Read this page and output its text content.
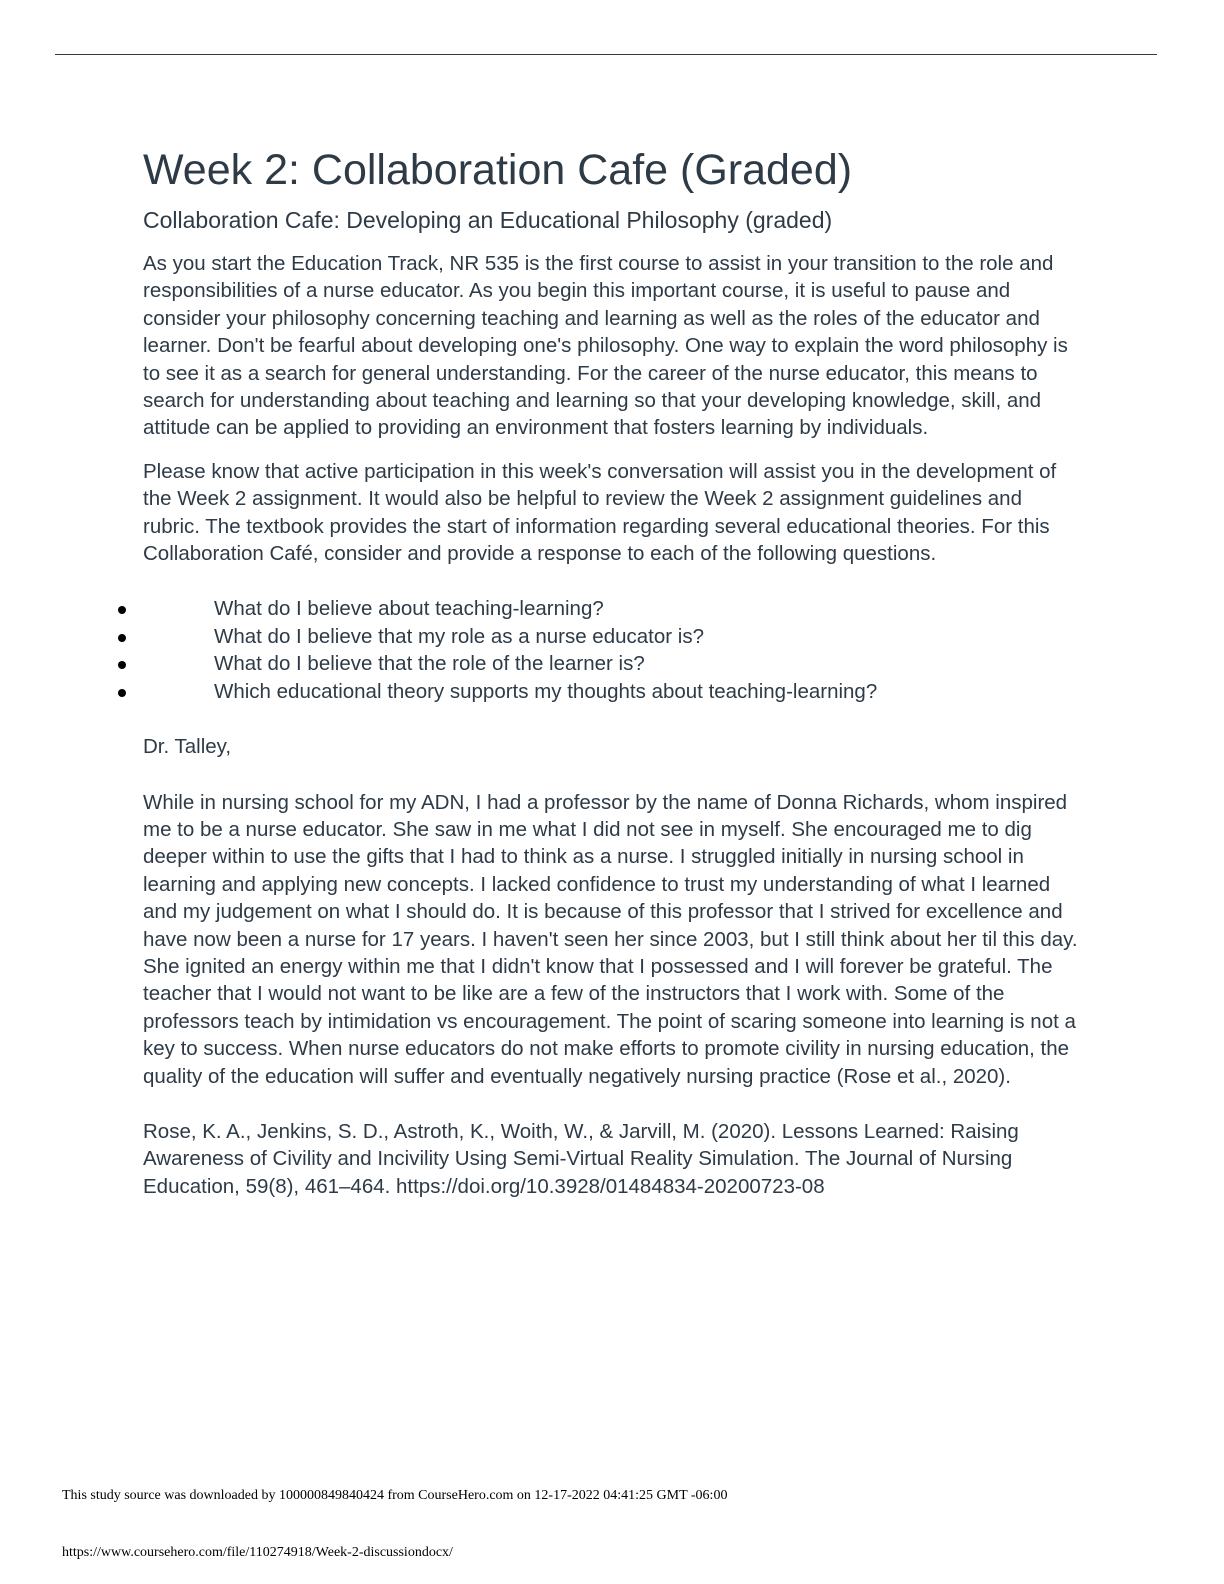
Week 2: Collaboration Cafe (Graded)
Collaboration Cafe: Developing an Educational Philosophy (graded)

As you start the Education Track, NR 535 is the first course to assist in your transition to the role and responsibilities of a nurse educator. As you begin this important course, it is useful to pause and consider your philosophy concerning teaching and learning as well as the roles of the educator and learner. Don't be fearful about developing one's philosophy. One way to explain the word philosophy is to see it as a search for general understanding. For the career of the nurse educator, this means to search for understanding about teaching and learning so that your developing knowledge, skill, and attitude can be applied to providing an environment that fosters learning by individuals.

Please know that active participation in this week's conversation will assist you in the development of the Week 2 assignment. It would also be helpful to review the Week 2 assignment guidelines and rubric. The textbook provides the start of information regarding several educational theories. For this Collaboration Café, consider and provide a response to each of the following questions.

What do I believe about teaching-learning?
What do I believe that my role as a nurse educator is?
What do I believe that the role of the learner is?
Which educational theory supports my thoughts about teaching-learning?

Dr. Talley,

While in nursing school for my ADN, I had a professor by the name of Donna Richards, whom inspired me to be a nurse educator. She saw in me what I did not see in myself. She encouraged me to dig deeper within to use the gifts that I had to think as a nurse. I struggled initially in nursing school in learning and applying new concepts. I lacked confidence to trust my understanding of what I learned and my judgement on what I should do. It is because of this professor that I strived for excellence and have now been a nurse for 17 years. I haven't seen her since 2003, but I still think about her til this day. She ignited an energy within me that I didn't know that I possessed and I will forever be grateful. The teacher that I would not want to be like are a few of the instructors that I work with. Some of the professors teach by intimidation vs encouragement. The point of scaring someone into learning is not a key to success. When nurse educators do not make efforts to promote civility in nursing education, the quality of the education will suffer and eventually negatively nursing practice (Rose et al., 2020).

Rose, K. A., Jenkins, S. D., Astroth, K., Woith, W., & Jarvill, M. (2020). Lessons Learned: Raising Awareness of Civility and Incivility Using Semi-Virtual Reality Simulation. The Journal of Nursing Education, 59(8), 461–464. https://doi.org/10.3928/01484834-20200723-08

This study source was downloaded by 100000849840424 from CourseHero.com on 12-17-2022 04:41:25 GMT -06:00
https://www.coursehero.com/file/110274918/Week-2-discussiondocx/
